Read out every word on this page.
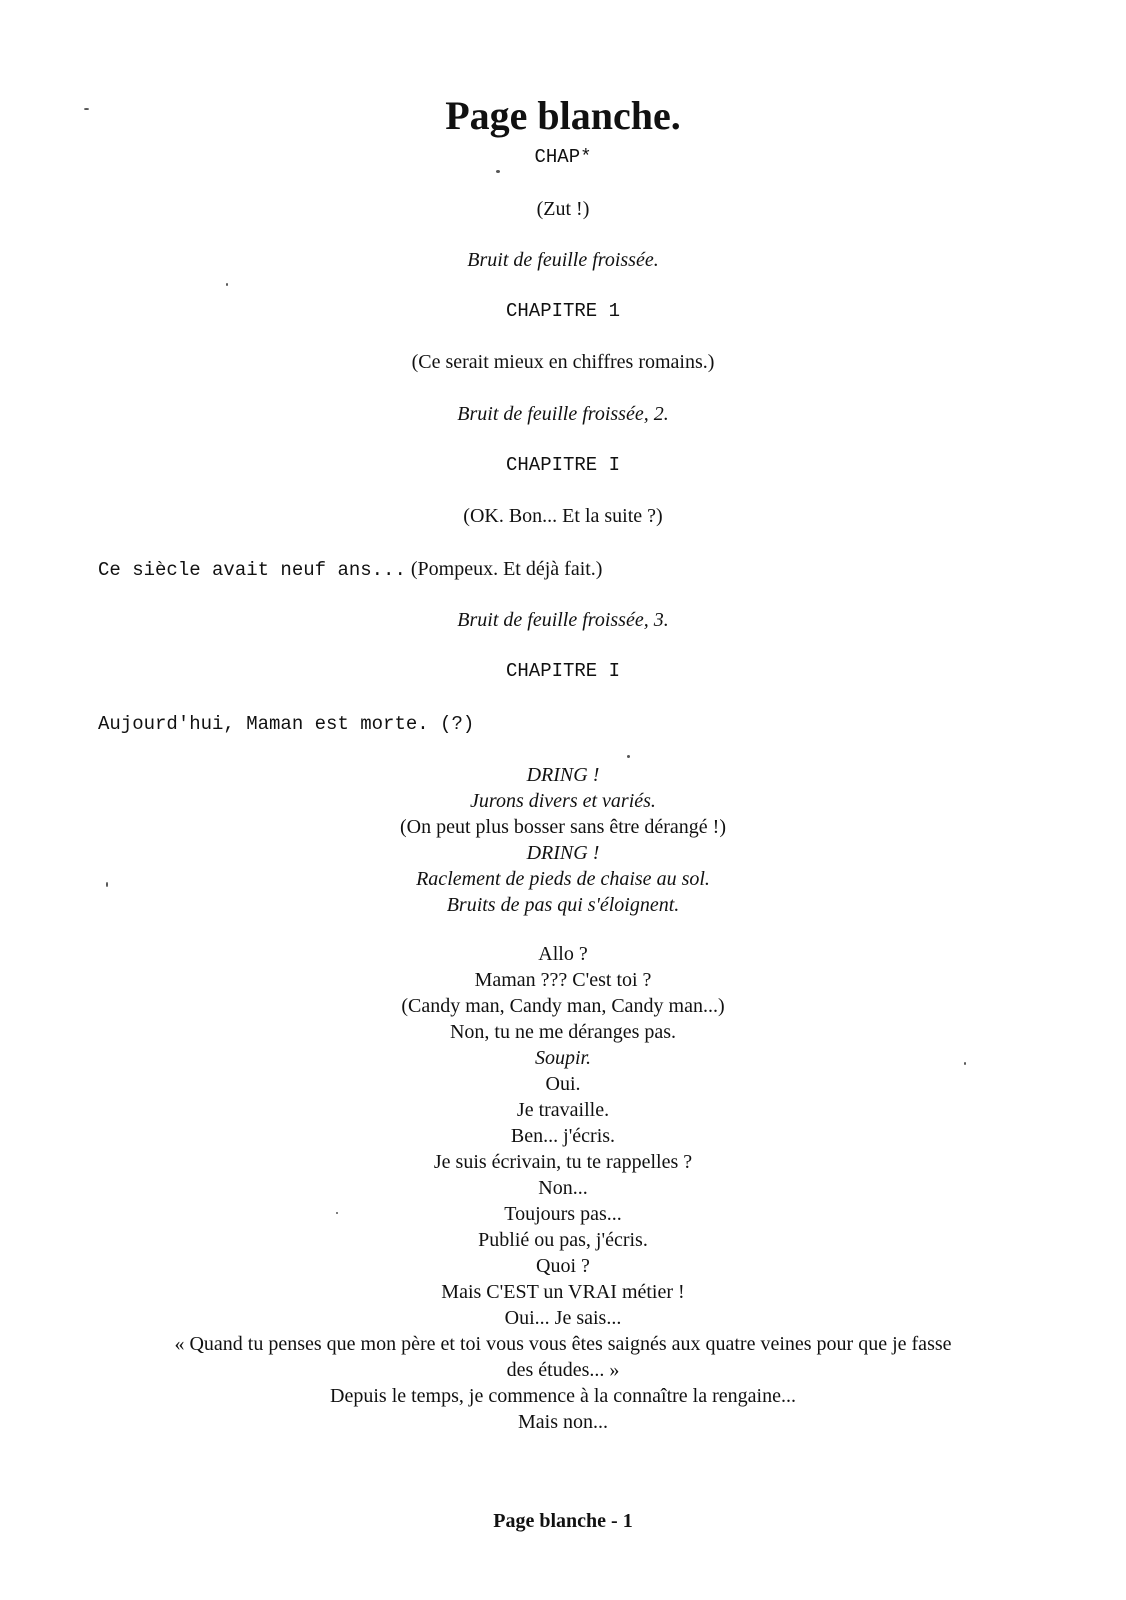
Page blanche.
CHAP*
(Zut !)
Bruit de feuille froissée.
CHAPITRE 1
(Ce serait mieux en chiffres romains.)
Bruit de feuille froissée, 2.
CHAPITRE I
(OK. Bon... Et la suite ?)
Ce siècle avait neuf ans... (Pompeux. Et déjà fait.)
Bruit de feuille froissée, 3.
CHAPITRE I
Aujourd'hui, Maman est morte. (?)
DRING !
Jurons divers et variés.
(On peut plus bosser sans être dérangé !)
DRING !
Raclement de pieds de chaise au sol.
Bruits de pas qui s'éloignent.
Allo ?
Maman ??? C'est toi ?
(Candy man, Candy man, Candy man...)
Non, tu ne me déranges pas.
Soupir.
Oui.
Je travaille.
Ben... j'écris.
Je suis écrivain, tu te rappelles ?
Non...
Toujours pas...
Publié ou pas, j'écris.
Quoi ?
Mais C'EST un VRAI métier !
Oui... Je sais...
« Quand tu penses que mon père et toi vous vous êtes saignés aux quatre veines pour que je fasse
des études... »
Depuis le temps, je commence à la connaître la rengaine...
Mais non...
Page blanche - 1
